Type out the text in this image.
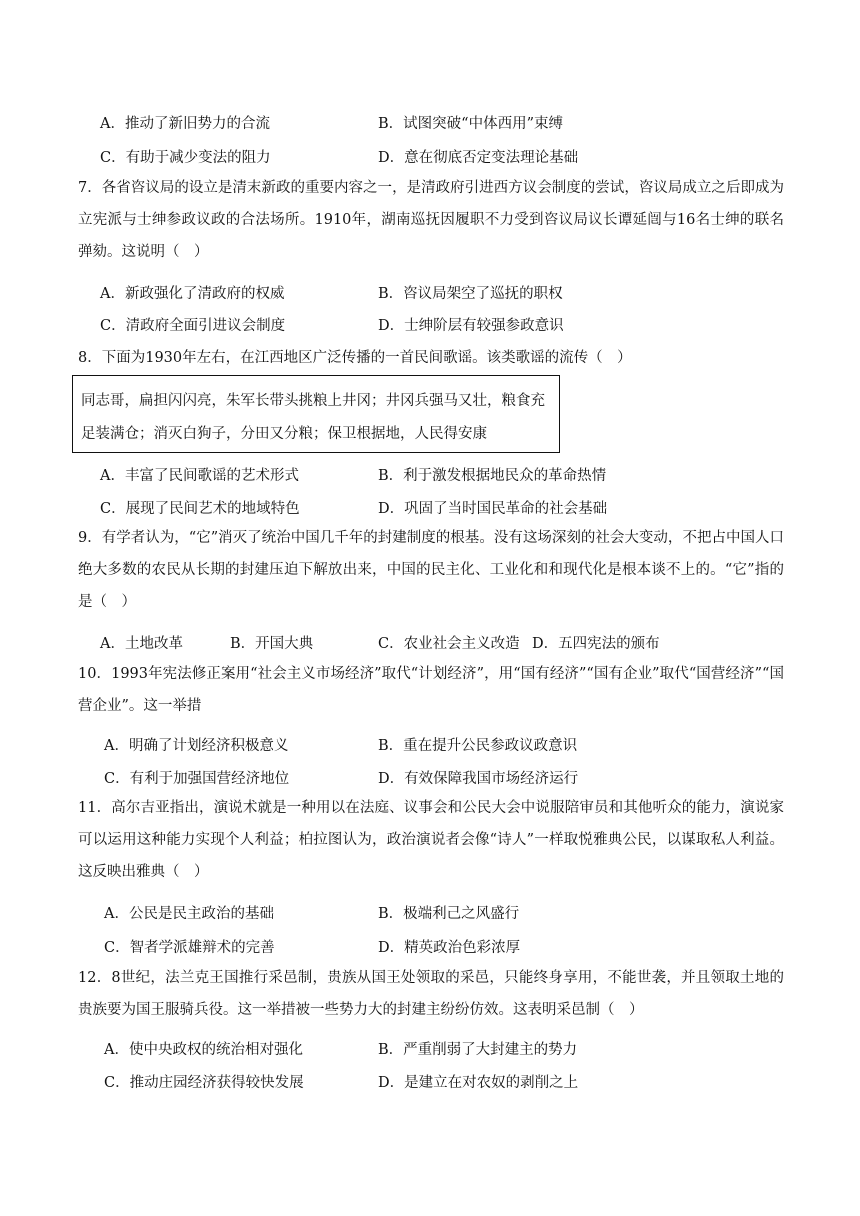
A．推动了新旧势力的合流	B．试图突破“中体西用”束缚
C．有助于减少变法的阻力	D．意在彻底否定变法理论基础
7．各省咨议局的设立是清末新政的重要内容之一，是清政府引进西方议会制度的尝试，咨议局成立之后即成为立宪派与士绅参政议政的合法场所。1910年，湖南巡抚因履职不力受到咨议局议长谭延闿与16名士绅的联名弹劾。这说明（　）
A．新政强化了清政府的权威	B．咨议局架空了巡抚的职权
C．清政府全面引进议会制度	D．士绅阶层有较强参政意识
8．下面为1930年左右，在江西地区广泛传播的一首民间歌谣。该类歌谣的流传（　）
同志哥，扁担闪闪亮，朱军长带头挑粮上井冈；井冈兵强马又壮，粮食充
足装满仓；消灭白狗子，分田又分粮；保卫根据地，人民得安康
A．丰富了民间歌谣的艺术形式	B．利于激发根据地民众的革命热情
C．展现了民间艺术的地域特色	D．巩固了当时国民革命的社会基础
9．有学者认为，“它”消灭了统治中国几千年的封建制度的根基。没有这场深刻的社会大变动，不把占中国人口绝大多数的农民从长期的封建压迫下解放出来，中国的民主化、工业化和和现代化是根本谈不上的。“它”指的是（　）
A．土地改革	B．开国大典	C．农业社会主义改造 D．五四宪法的颁布
10．1993年宪法修正案用“社会主义市场经济”取代“计划经济”，用“国有经济”“国有企业”取代“国营经济”“国营企业”。这一举措
A．明确了计划经济积极意义	B．重在提升公民参政议政意识
C．有利于加强国营经济地位	D．有效保障我国市场经济运行
11．高尔吉亚指出，演说术就是一种用以在法庭、议事会和公民大会中说服陪审员和其他听众的能力，演说家可以运用这种能力实现个人利益；柏拉图认为，政治演说者会像“诗人”一样取悦雅典公民，以谋取私人利益。这反映出雅典（　）
A．公民是民主政治的基础	B．极端利己之风盛行
C．智者学派雄辩术的完善	D．精英政治色彩浓厚
12．8世纪，法兰克王国推行采邑制，贵族从国王处领取的采邑，只能终身享用，不能世袭，并且领取土地的贵族要为国王服骑兵役。这一举措被一些势力大的封建主纷纷仿效。这表明采邑制（　）
A．使中央政权的统治相对强化	B．严重削弱了大封建主的势力
C．推动庄园经济获得较快发展	D．是建立在对农奴的剥削之上
